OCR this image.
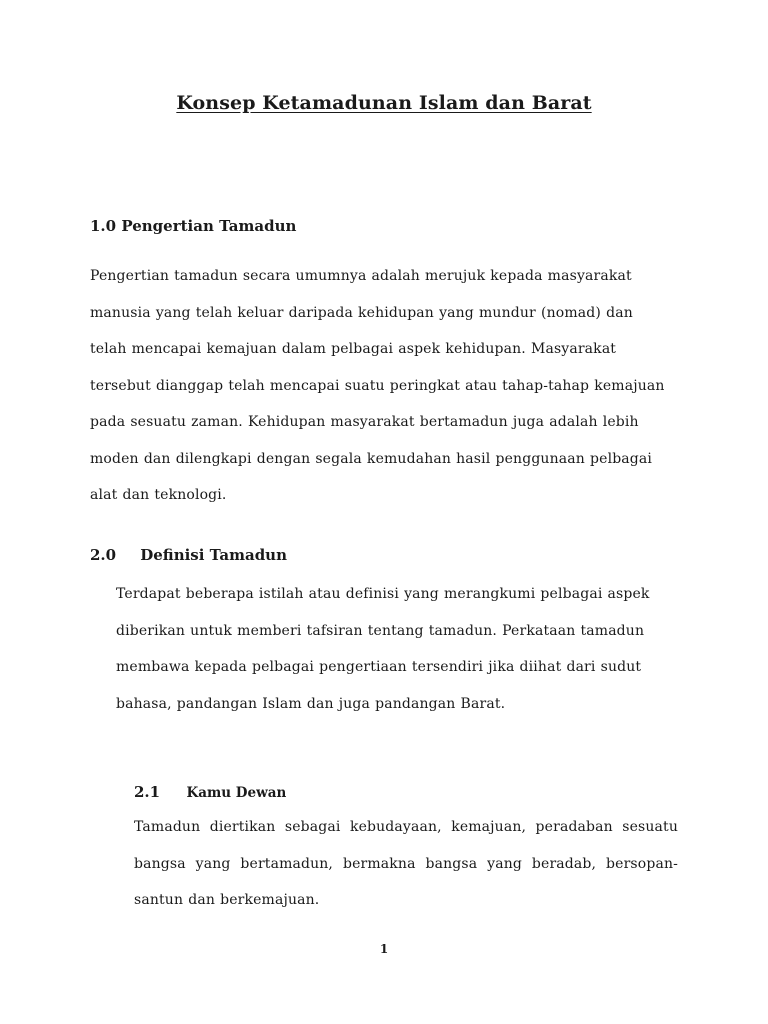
Konsep Ketamadunan Islam dan Barat
1.0 Pengertian Tamadun
Pengertian tamadun secara umumnya adalah merujuk kepada masyarakat
manusia yang telah keluar daripada kehidupan yang mundur (nomad) dan
telah mencapai kemajuan dalam pelbagai aspek kehidupan. Masyarakat
tersebut dianggap telah mencapai suatu peringkat atau tahap-tahap kemajuan
pada sesuatu zaman. Kehidupan masyarakat bertamadun juga adalah lebih
moden dan dilengkapi dengan segala kemudahan hasil penggunaan pelbagai
alat dan teknologi.
2.0 Definisi Tamadun
Terdapat beberapa istilah atau definisi yang merangkumi pelbagai aspek
diberikan untuk memberi tafsiran tentang tamadun. Perkataan tamadun
membawa kepada pelbagai pengertiaan tersendiri jika diihat dari sudut
bahasa, pandangan Islam dan juga pandangan Barat.
2.1 Kamu Dewan
Tamadun diertikan sebagai kebudayaan, kemajuan, peradaban sesuatu
bangsa yang bertamadun, bermakna bangsa yang beradab, bersopan-
santun dan berkemajuan.

1
